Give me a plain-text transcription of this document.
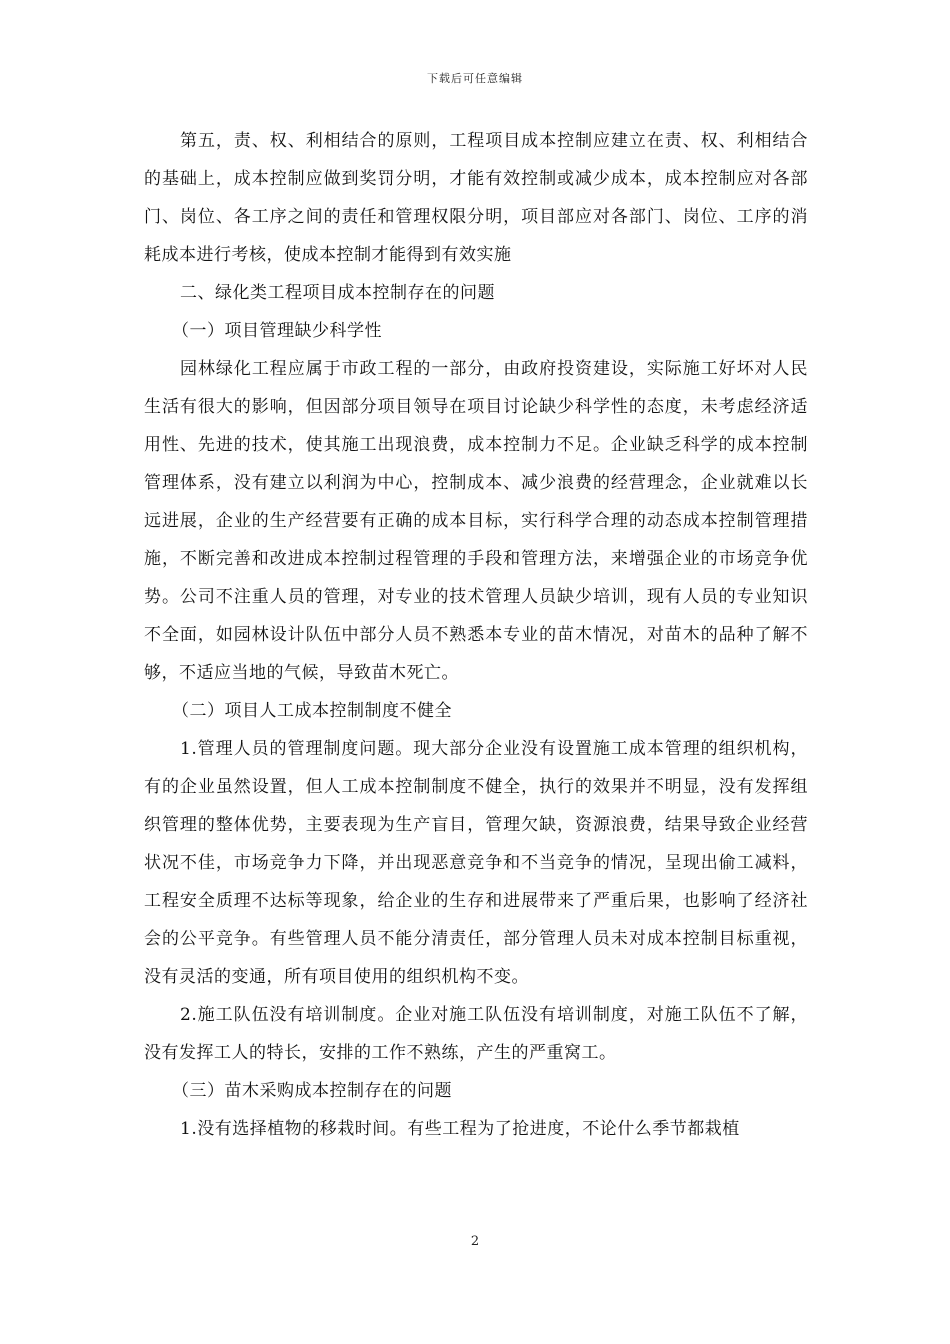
下载后可任意编辑

第五，责、权、利相结合的原则，工程项目成本控制应建立在责、权、利相结合的基础上，成本控制应做到奖罚分明，才能有效控制或减少成本，成本控制应对各部门、岗位、各工序之间的责任和管理权限分明，项目部应对各部门、岗位、工序的消耗成本进行考核，使成本控制才能得到有效实施

二、绿化类工程项目成本控制存在的问题

（一）项目管理缺少科学性

园林绿化工程应属于市政工程的一部分，由政府投资建设，实际施工好坏对人民生活有很大的影响，但因部分项目领导在项目讨论缺少科学性的态度，未考虑经济适用性、先进的技术，使其施工出现浪费，成本控制力不足。企业缺乏科学的成本控制管理体系，没有建立以利润为中心，控制成本、减少浪费的经营理念，企业就难以长远进展，企业的生产经营要有正确的成本目标，实行科学合理的动态成本控制管理措施，不断完善和改进成本控制过程管理的手段和管理方法，来增强企业的市场竞争优势。公司不注重人员的管理，对专业的技术管理人员缺少培训，现有人员的专业知识不全面，如园林设计队伍中部分人员不熟悉本专业的苗木情况，对苗木的品种了解不够，不适应当地的气候，导致苗木死亡。

（二）项目人工成本控制制度不健全

1.管理人员的管理制度问题。现大部分企业没有设置施工成本管理的组织机构，有的企业虽然设置，但人工成本控制制度不健全，执行的效果并不明显，没有发挥组织管理的整体优势，主要表现为生产盲目，管理欠缺，资源浪费，结果导致企业经营状况不佳，市场竞争力下降，并出现恶意竞争和不当竞争的情况，呈现出偷工减料，工程安全质理不达标等现象，给企业的生存和进展带来了严重后果，也影响了经济社会的公平竞争。有些管理人员不能分清责任，部分管理人员未对成本控制目标重视，没有灵活的变通，所有项目使用的组织机构不变。

2.施工队伍没有培训制度。企业对施工队伍没有培训制度，对施工队伍不了解，没有发挥工人的特长，安排的工作不熟练，产生的严重窝工。

（三）苗木采购成本控制存在的问题

1.没有选择植物的移栽时间。有些工程为了抢进度，不论什么季节都栽植

2
